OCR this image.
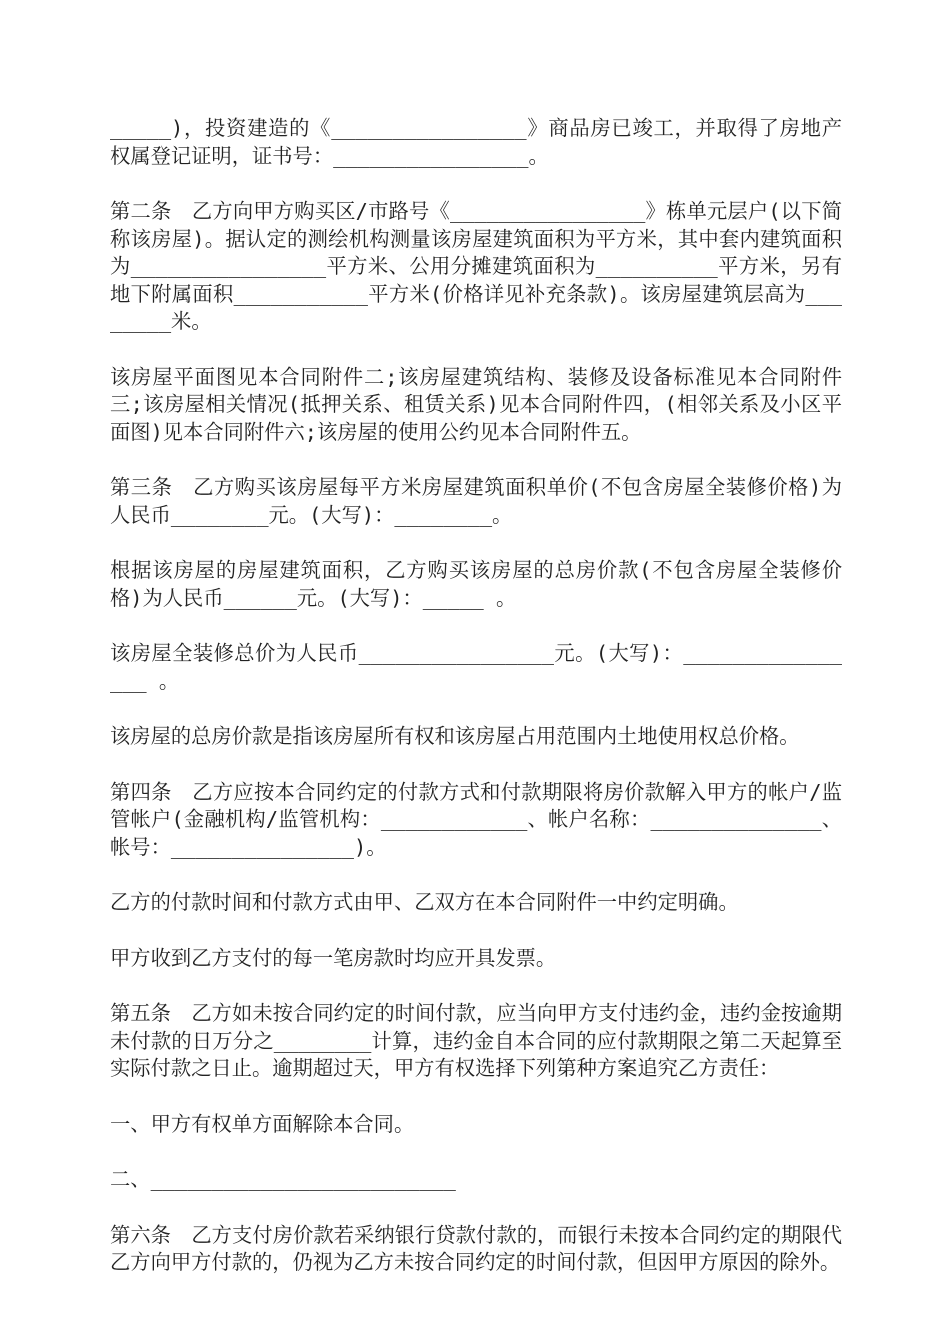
_____)，投资建造的《________________》商品房已竣工，并取得了房地产权属登记证明，证书号：________________。

第二条　乙方向甲方购买区/市路号《________________》栋单元层户(以下简称该房屋)。据认定的测绘机构测量该房屋建筑面积为平方米，其中套内建筑面积为________________平方米、公用分摊建筑面积为__________平方米，另有地下附属面积___________平方米(价格详见补充条款)。该房屋建筑层高为________米。

该房屋平面图见本合同附件二;该房屋建筑结构、装修及设备标准见本合同附件三;该房屋相关情况(抵押关系、租赁关系)见本合同附件四，(相邻关系及小区平面图)见本合同附件六;该房屋的使用公约见本合同附件五。

第三条　乙方购买该房屋每平方米房屋建筑面积单价(不包含房屋全装修价格)为人民币________元。(大写)：________。

根据该房屋的房屋建筑面积，乙方购买该房屋的总房价款(不包含房屋全装修价格)为人民币______元。(大写)：_____ 。

该房屋全装修总价为人民币________________元。(大写)：________________ 。

该房屋的总房价款是指该房屋所有权和该房屋占用范围内土地使用权总价格。

第四条　乙方应按本合同约定的付款方式和付款期限将房价款解入甲方的帐户/监管帐户(金融机构/监管机构：____________、帐户名称：______________、帐号：_______________)。

乙方的付款时间和付款方式由甲、乙双方在本合同附件一中约定明确。

甲方收到乙方支付的每一笔房款时均应开具发票。

第五条　乙方如未按合同约定的时间付款，应当向甲方支付违约金，违约金按逾期未付款的日万分之________计算，违约金自本合同的应付款期限之第二天起算至实际付款之日止。逾期超过天，甲方有权选择下列第种方案追究乙方责任：

一、甲方有权单方面解除本合同。

二、_________________________

第六条　乙方支付房价款若采纳银行贷款付款的，而银行未按本合同约定的期限代乙方向甲方付款的，仍视为乙方未按合同约定的时间付款，但因甲方原因的除外。
